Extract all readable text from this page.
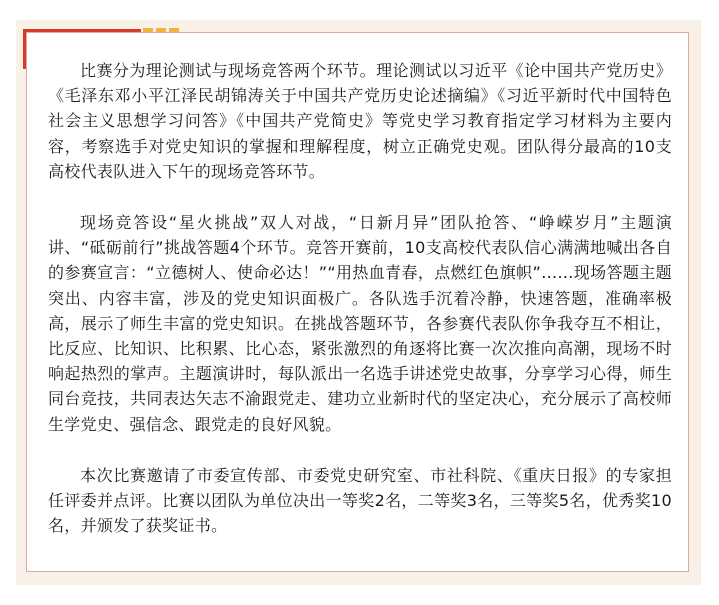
比赛分为理论测试与现场竞答两个环节。理论测试以习近平《论中国共产党历史》《毛泽东邓小平江泽民胡锦涛关于中国共产党历史论述摘编》《习近平新时代中国特色社会主义思想学习问答》《中国共产党简史》等党史学习教育指定学习材料为主要内容，考察选手对党史知识的掌握和理解程度，树立正确党史观。团队得分最高的10支高校代表队进入下午的现场竞答环节。

现场竞答设“星火挑战”双人对战，“日新月异”团队抢答、“峥嵘岁月”主题演讲、“砥砺前行”挑战答题4个环节。竞答开赛前，10支高校代表队信心满满地喊出各自的参赛宣言：“立德树人、使命必达！”“用热血青春，点燃红色旗帜”……现场答题主题突出、内容丰富，涉及的党史知识面极广。各队选手沉着冷静，快速答题，准确率极高，展示了师生丰富的党史知识。在挑战答题环节，各参赛代表队你争我夺互不相让，比反应、比知识、比积累、比心态，紧张激烈的角逐将比赛一次次推向高潮，现场不时响起热烈的掌声。主题演讲时，每队派出一名选手讲述党史故事，分享学习心得，师生同台竞技，共同表达矢志不渝跟党走、建功立业新时代的坚定决心，充分展示了高校师生学党史、强信念、跟党走的良好风貌。

本次比赛邀请了市委宣传部、市委党史研究室、市社科院、《重庆日报》的专家担任评委并点评。比赛以团队为单位决出一等奖2名，二等奖3名，三等奖5名，优秀奖10名，并颁发了获奖证书。
